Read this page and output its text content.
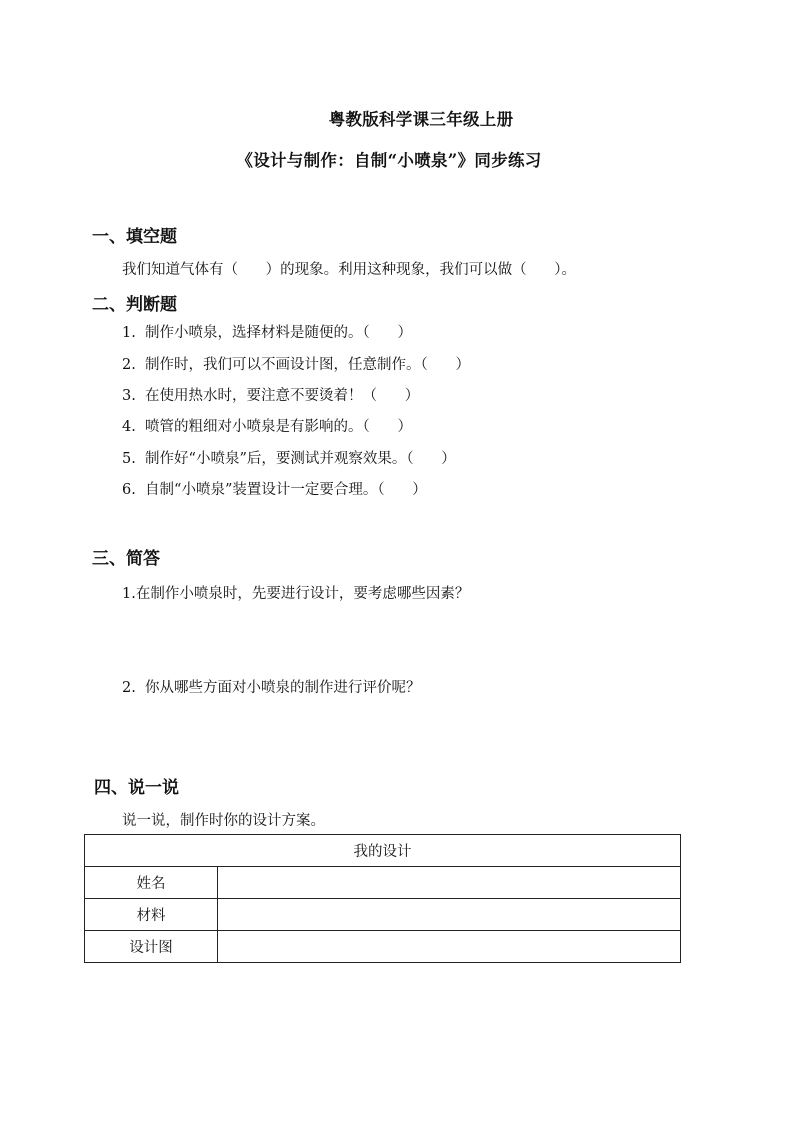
粤教版科学课三年级上册
《设计与制作：自制“小喷泉”》同步练习
一、填空题
我们知道气体有（      ）的现象。利用这种现象，我们可以做（      ）。
二、判断题
1.  制作小喷泉，选择材料是随便的。（      ）
2.  制作时，我们可以不画设计图，任意制作。（      ）
3.  在使用热水时，要注意不要烫着！（      ）
4.  喷管的粗细对小喷泉是有影响的。（      ）
5.  制作好“小喷泉”后，要测试并观察效果。（      ）
6.  自制“小喷泉”装置设计一定要合理。（      ）
三、简答
1.在制作小喷泉时，先要进行设计，要考虑哪些因素？
2.  你从哪些方面对小喷泉的制作进行评价呢？
四、说一说
说一说，制作时你的设计方案。
我的设计	
姓名	
材料	
设计图	
